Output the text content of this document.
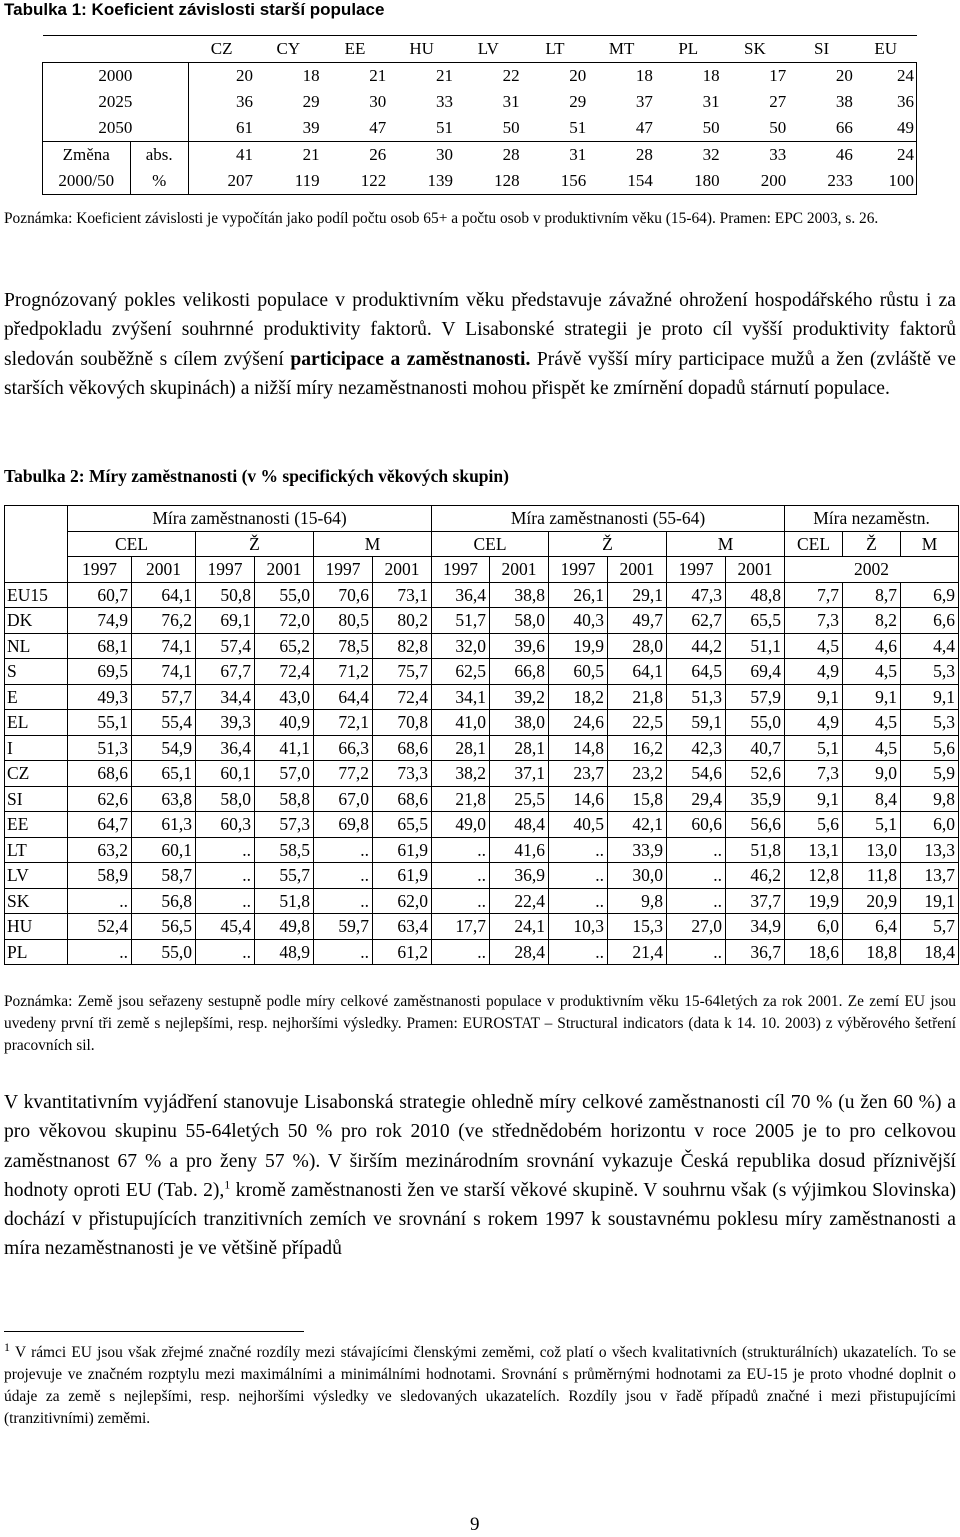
Tabulka 1: Koeficient závislosti starší populace
		CZ	CY	EE	HU	LV	LT	MT	PL	SK	SI	EU
2000		20	18	21	21	22	20	18	18	17	20	24
2025		36	29	30	33	31	29	37	31	27	38	36
2050		61	39	47	51	50	51	47	50	50	66	49
Změna	abs.	41	21	26	30	28	31	28	32	33	46	24
2000/50	%	207	119	122	139	128	156	154	180	200	233	100
Poznámka: Koeficient závislosti je vypočítán jako podíl počtu osob 65+ a počtu osob v produktivním věku (15-64). Pramen: EPC 2003, s. 26.
Prognózovaný pokles velikosti populace v produktivním věku představuje závažné ohrožení hospodářského růstu i za předpokladu zvýšení souhrnné produktivity faktorů. V Lisabonské strategii je proto cíl vyšší produktivity faktorů sledován souběžně s cílem zvýšení participace a zaměstnanosti. Právě vyšší míry participace mužů a žen (zvláště ve starších věkových skupinách) a nižší míry nezaměstnanosti mohou přispět ke zmírnění dopadů stárnutí populace.
Tabulka 2: Míry zaměstnanosti (v % specifických věkových skupin)
	Míra zaměstnanosti (15-64)						Míra zaměstnanosti (55-64)						Míra nezaměstn.		
	CEL		Ž		M		CEL		Ž		M		CEL	Ž	M
	1997	2001	1997	2001	1997	2001	1997	2001	1997	2001	1997	2001	2002		
EU15	60,7	64,1	50,8	55,0	70,6	73,1	36,4	38,8	26,1	29,1	47,3	48,8	7,7	8,7	6,9
DK	74,9	76,2	69,1	72,0	80,5	80,2	51,7	58,0	40,3	49,7	62,7	65,5	7,3	8,2	6,6
NL	68,1	74,1	57,4	65,2	78,5	82,8	32,0	39,6	19,9	28,0	44,2	51,1	4,5	4,6	4,4
S	69,5	74,1	67,7	72,4	71,2	75,7	62,5	66,8	60,5	64,1	64,5	69,4	4,9	4,5	5,3
E	49,3	57,7	34,4	43,0	64,4	72,4	34,1	39,2	18,2	21,8	51,3	57,9	9,1	9,1	9,1
EL	55,1	55,4	39,3	40,9	72,1	70,8	41,0	38,0	24,6	22,5	59,1	55,0	4,9	4,5	5,3
I	51,3	54,9	36,4	41,1	66,3	68,6	28,1	28,1	14,8	16,2	42,3	40,7	5,1	4,5	5,6
CZ	68,6	65,1	60,1	57,0	77,2	73,3	38,2	37,1	23,7	23,2	54,6	52,6	7,3	9,0	5,9
SI	62,6	63,8	58,0	58,8	67,0	68,6	21,8	25,5	14,6	15,8	29,4	35,9	9,1	8,4	9,8
EE	64,7	61,3	60,3	57,3	69,8	65,5	49,0	48,4	40,5	42,1	60,6	56,6	5,6	5,1	6,0
LT	63,2	60,1	..	58,5	..	61,9	..	41,6	..	33,9	..	51,8	13,1	13,0	13,3
LV	58,9	58,7	..	55,7	..	61,9	..	36,9	..	30,0	..	46,2	12,8	11,8	13,7
SK	..	56,8	..	51,8	..	62,0	..	22,4	..	9,8	..	37,7	19,9	20,9	19,1
HU	52,4	56,5	45,4	49,8	59,7	63,4	17,7	24,1	10,3	15,3	27,0	34,9	6,0	6,4	5,7
PL	..	55,0	..	48,9	..	61,2	..	28,4	..	21,4	..	36,7	18,6	18,8	18,4
Poznámka: Země jsou seřazeny sestupně podle míry celkové zaměstnanosti populace v produktivním věku 15-64letých za rok 2001. Ze zemí EU jsou uvedeny první tři země s nejlepšími, resp. nejhoršími výsledky. Pramen: EUROSTAT – Structural indicators (data k 14. 10. 2003) z výběrového šetření pracovních sil.
V kvantitativním vyjádření stanovuje Lisabonská strategie ohledně míry celkové zaměstnanosti cíl 70 % (u žen 60 %) a pro věkovou skupinu 55-64letých 50 % pro rok 2010 (ve střednědobém horizontu v roce 2005 je to pro celkovou zaměstnanost 67 % a pro ženy 57 %). V širším mezinárodním srovnání vykazuje Česká republika dosud příznivější hodnoty oproti EU (Tab. 2),$^1$ kromě zaměstnanosti žen ve starší věkové skupině. V souhrnu však (s výjimkou Slovinska) dochází v přistupujících tranzitivních zemích ve srovnání s rokem 1997 k soustavnému poklesu míry zaměstnanosti a míra nezaměstnanosti je ve většině případů
$^1$ V rámci EU jsou však zřejmé značné rozdíly mezi stávajícími členskými zeměmi, což platí o všech kvalitativních (strukturálních) ukazatelích. To se projevuje ve značném rozptylu mezi maximálními a minimálními hodnotami. Srovnání s průměrnými hodnotami za EU-15 je proto vhodné doplnit o údaje za země s nejlepšími, resp. nejhoršími výsledky ve sledovaných ukazatelích. Rozdíly jsou v řadě případů značné i mezi přistupujícími (tranzitivními) zeměmi.
9
